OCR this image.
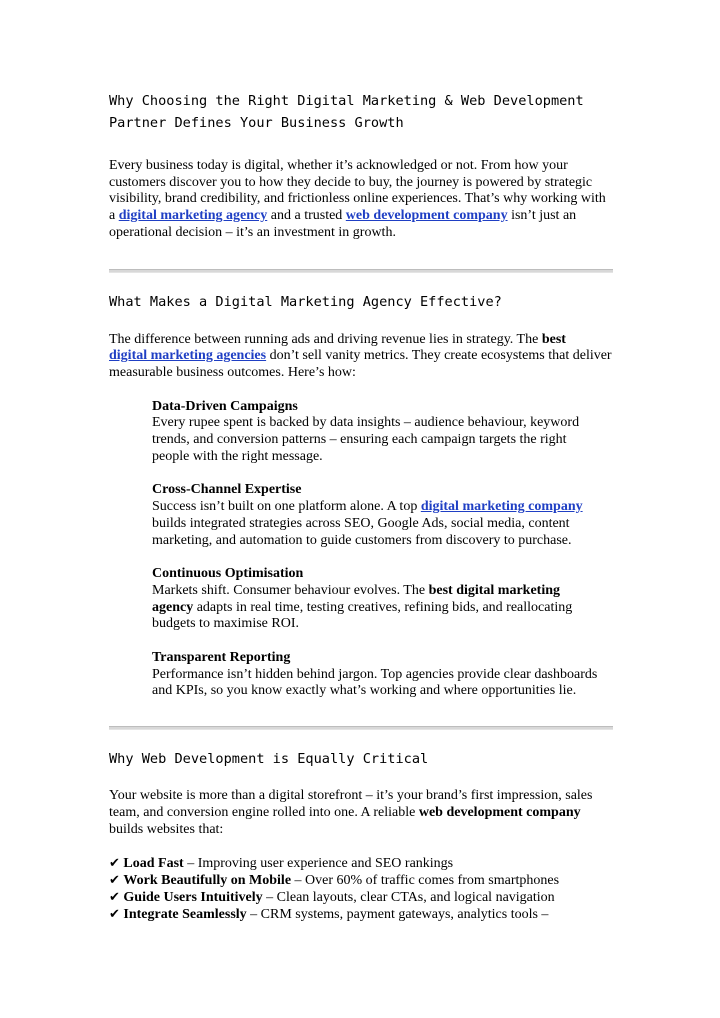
Why Choosing the Right Digital Marketing & Web Development Partner Defines Your Business Growth

Every business today is digital, whether it’s acknowledged or not. From how your customers discover you to how they decide to buy, the journey is powered by strategic visibility, brand credibility, and frictionless online experiences. That’s why working with a digital marketing agency and a trusted web development company isn’t just an operational decision – it’s an investment in growth.

What Makes a Digital Marketing Agency Effective?

The difference between running ads and driving revenue lies in strategy. The best
digital marketing agencies don’t sell vanity metrics. They create ecosystems that deliver measurable business outcomes. Here’s how:

Data-Driven Campaigns

Every rupee spent is backed by data insights – audience behaviour, keyword trends, and conversion patterns – ensuring each campaign targets the right people with the right message.

Cross-Channel Expertise

Success isn’t built on one platform alone. A top digital marketing company builds integrated strategies across SEO, Google Ads, social media, content marketing, and automation to guide customers from discovery to purchase.

Continuous Optimisation

Markets shift. Consumer behaviour evolves. The best digital marketing agency adapts in real time, testing creatives, refining bids, and reallocating budgets to maximise ROI.

Transparent Reporting

Performance isn’t hidden behind jargon. Top agencies provide clear dashboards and KPIs, so you know exactly what’s working and where opportunities lie.

Why Web Development is Equally Critical

Your website is more than a digital storefront – it’s your brand’s first impression, sales team, and conversion engine rolled into one. A reliable web development company builds websites that:

✔ Load Fast – Improving user experience and SEO rankings

✔ Work Beautifully on Mobile – Over 60% of traffic comes from smartphones

✔ Guide Users Intuitively – Clean layouts, clear CTAs, and logical navigation

✔ Integrate Seamlessly – CRM systems, payment gateways, analytics tools –
